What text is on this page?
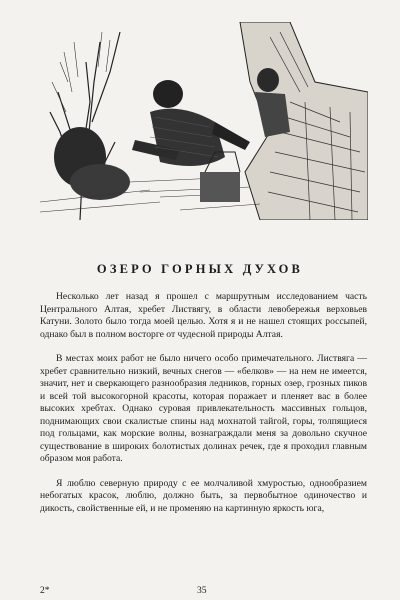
ОЗЕРО ГОРНЫХ ДУХОВ

Несколько лет назад я прошел с маршрутным исследованием часть Центрального Алтая, хребет Листвягу, в области левобережья верховьев Катуни. Золото было тогда моей целью. Хотя я и не нашел стоящих россыпей, однако был в полном восторге от чудесной природы Алтая.

В местах моих работ не было ничего особо примечательного. Листвяга — хребет сравнительно низкий, вечных снегов — «белков» — на нем не имеется, значит, нет и сверкающего разнообразия ледников, горных озер, грозных пиков и всей той высокогорной красоты, которая поражает и пленяет вас в более высоких хребтах. Однако суровая привлекательность массивных гольцов, поднимающих свои скалистые спины над мохнатой тайгой, горы, толпящиеся под гольцами, как морские волны, вознаграждали меня за довольно скучное существование в широких болотистых долинах речек, где я проходил главным образом моя работа.

Я люблю северную природу с ее молчаливой хмуростью, однообразием небогатых красок, люблю, должно быть, за первобытное одиночество и дикость, свойственные ей, и не променяю на картинную яркость юга,

2*	35
